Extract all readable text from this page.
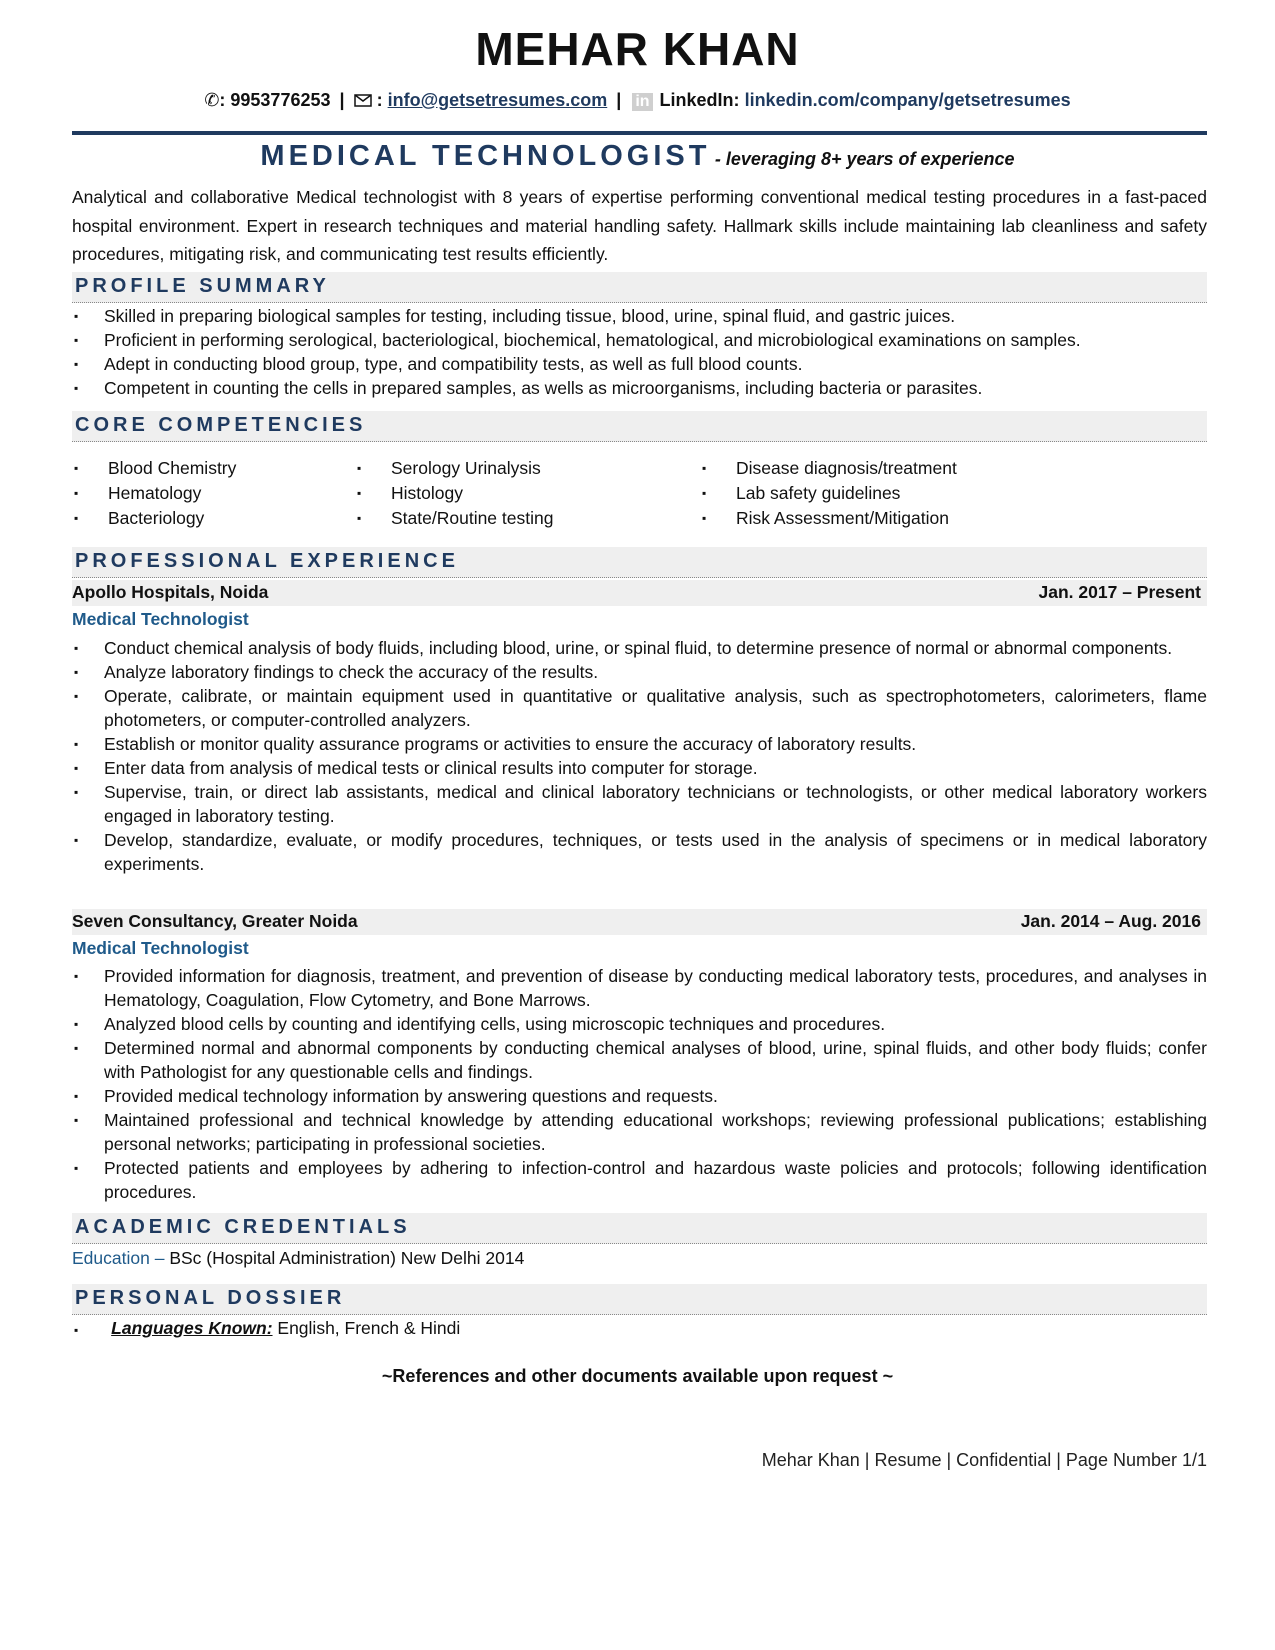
MEHAR KHAN
✆: 9953776253 | : info@getsetresumes.com | in LinkedIn: linkedin.com/company/getsetresumes
MEDICAL TECHNOLOGIST - leveraging 8+ years of experience
Analytical and collaborative Medical technologist with 8 years of expertise performing conventional medical testing procedures in a fast-paced hospital environment. Expert in research techniques and material handling safety. Hallmark skills include maintaining lab cleanliness and safety procedures, mitigating risk, and communicating test results efficiently.
PROFILE SUMMARY
▪ Skilled in preparing biological samples for testing, including tissue, blood, urine, spinal fluid, and gastric juices.
▪ Proficient in performing serological, bacteriological, biochemical, hematological, and microbiological examinations on samples.
▪ Adept in conducting blood group, type, and compatibility tests, as well as full blood counts.
▪ Competent in counting the cells in prepared samples, as wells as microorganisms, including bacteria or parasites.
CORE COMPETENCIES
▪ Blood Chemistry
▪ Hematology
▪ Bacteriology
▪ Serology Urinalysis
▪ Histology
▪ State/Routine testing
▪ Disease diagnosis/treatment
▪ Lab safety guidelines
▪ Risk Assessment/Mitigation
PROFESSIONAL EXPERIENCE
Apollo Hospitals, Noida	Jan. 2017 – Present
Medical Technologist
▪ Conduct chemical analysis of body fluids, including blood, urine, or spinal fluid, to determine presence of normal or abnormal components.
▪ Analyze laboratory findings to check the accuracy of the results.
▪ Operate, calibrate, or maintain equipment used in quantitative or qualitative analysis, such as spectrophotometers, calorimeters, flame photometers, or computer-controlled analyzers.
▪ Establish or monitor quality assurance programs or activities to ensure the accuracy of laboratory results.
▪ Enter data from analysis of medical tests or clinical results into computer for storage.
▪ Supervise, train, or direct lab assistants, medical and clinical laboratory technicians or technologists, or other medical laboratory workers engaged in laboratory testing.
▪ Develop, standardize, evaluate, or modify procedures, techniques, or tests used in the analysis of specimens or in medical laboratory experiments.
Seven Consultancy, Greater Noida	Jan. 2014 – Aug. 2016
Medical Technologist
▪ Provided information for diagnosis, treatment, and prevention of disease by conducting medical laboratory tests, procedures, and analyses in Hematology, Coagulation, Flow Cytometry, and Bone Marrows.
▪ Analyzed blood cells by counting and identifying cells, using microscopic techniques and procedures.
▪ Determined normal and abnormal components by conducting chemical analyses of blood, urine, spinal fluids, and other body fluids; confer with Pathologist for any questionable cells and findings.
▪ Provided medical technology information by answering questions and requests.
▪ Maintained professional and technical knowledge by attending educational workshops; reviewing professional publications; establishing personal networks; participating in professional societies.
▪ Protected patients and employees by adhering to infection-control and hazardous waste policies and protocols; following identification procedures.
ACADEMIC CREDENTIALS
Education – BSc (Hospital Administration) New Delhi 2014
PERSONAL DOSSIER
▪ Languages Known: English, French & Hindi
~References and other documents available upon request ~
Mehar Khan | Resume | Confidential | Page Number 1/1
